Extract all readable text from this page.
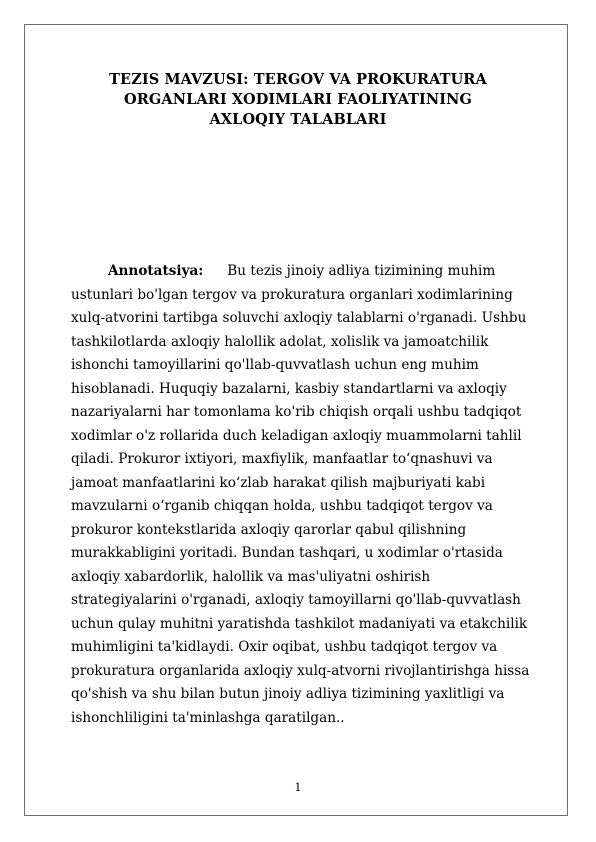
TEZIS MAVZUSI: TERGOV VA PROKURATURA
ORGANLARI XODIMLARI FAOLIYATINING
AXLOQIY TALABLARI

Annotatsiya: Bu tezis jinoiy adliya tizimining muhim ustunlari bo'lgan tergov va prokuratura organlari xodimlarining xulq-atvorini tartibga soluvchi axloqiy talablarni o'rganadi. Ushbu tashkilotlarda axloqiy halollik adolat, xolislik va jamoatchilik ishonchi tamoyillarini qo'llab-quvvatlash uchun eng muhim hisoblanadi. Huquqiy bazalarni, kasbiy standartlarni va axloqiy nazariyalarni har tomonlama ko'rib chiqish orqali ushbu tadqiqot xodimlar o'z rollarida duch keladigan axloqiy muammolarni tahlil qiladi. Prokuror ixtiyori, maxfiylik, manfaatlar to‘qnashuvi va jamoat manfaatlarini ko‘zlab harakat qilish majburiyati kabi mavzularni o‘rganib chiqqan holda, ushbu tadqiqot tergov va prokuror kontekstlarida axloqiy qarorlar qabul qilishning murakkabligini yoritadi. Bundan tashqari, u xodimlar o'rtasida axloqiy xabardorlik, halollik va mas'uliyatni oshirish strategiyalarini o'rganadi, axloqiy tamoyillarni qo'llab-quvvatlash uchun qulay muhitni yaratishda tashkilot madaniyati va etakchilik muhimligini ta'kidlaydi. Oxir oqibat, ushbu tadqiqot tergov va prokuratura organlarida axloqiy xulq-atvorni rivojlantirishga hissa qo'shish va shu bilan butun jinoiy adliya tizimining yaxlitligi va ishonchliligini ta'minlashga qaratilgan..

1
